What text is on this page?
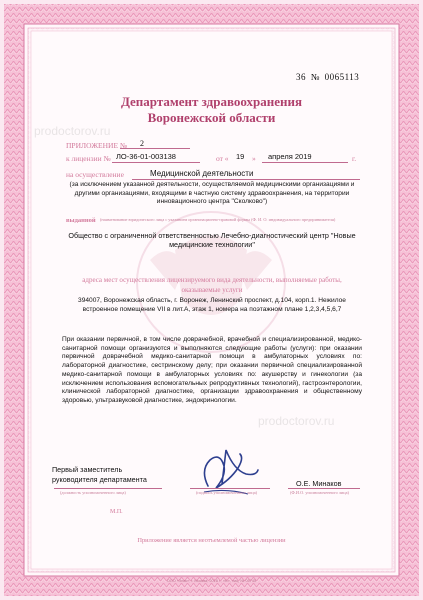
36 № 0065113
Департамент здравоохранения
Воронежской области
ПРИЛОЖЕНИЕ № 2
к лицензии № ЛО-36-01-003138	от « 19 » апреля 2019	г.
на осуществление	Медицинской деятельности
(за исключением указанной деятельности, осуществляемой медицинскими организациями и другими организациями, входящими в частную систему здравоохранения, на территории инновационного центра "Сколково")
выданной (наименование юридического лица с указанием организационно-правовой формы (Ф. И. О. индивидуального предпринимателя)
Общество с ограниченной ответственностью Лечебно-диагностический центр "Новые медицинские технологии"
адреса мест осуществления лицензируемого вида деятельности, выполняемые работы, оказываемые услуги
394007, Воронежская область, г. Воронеж, Ленинский проспект, д.104, корп.1. Нежилое встроенное помещение VII в лит.А, этаж 1, номера на поэтажном плане 1,2,3,4,5,6,7
При оказании первичной, в том числе доврачебной, врачебной и специализированной, медико-санитарной помощи организуются и выполняются следующие работы (услуги): при оказании первичной доврачебной медико-санитарной помощи в амбулаторных условиях по: лабораторной диагностике, сестринскому делу; при оказании первичной специализированной медико-санитарной помощи в амбулаторных условиях по: акушерству и гинекологии (за исключением использования вспомогательных репродуктивных технологий), гастроэнтерологии, клинической лабораторной диагностике, организации здравоохранения и общественному здоровью, ультразвуковой диагностике, эндокринологии.
Первый заместитель
руководителя департамента
(должность уполномоченного лица)	(подпись уполномоченного лица)
О.Е. Минаков
(Ф.И.О. уполномоченного лица)
М.П.
Приложение является неотъемлемой частью лицензии
ООО «Знак», г. Москва, 2018 г., «Б», лиц. № 05745
prodoctorov.ru
prodoctorov.ru
